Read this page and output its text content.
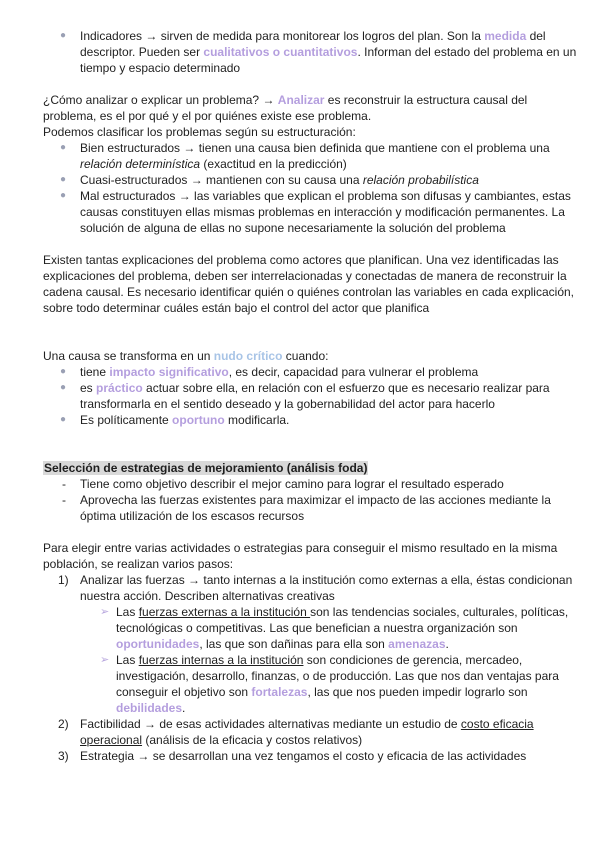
●	Indicadores → sirven de medida para monitorear los logros del plan. Son la medida del
descriptor. Pueden ser cualitativos o cuantitativos. Informan del estado del problema en un
tiempo y espacio determinado
¿Cómo analizar o explicar un problema? → Analizar es reconstruir la estructura causal del
problema, es el por qué y el por quiénes existe ese problema.
Podemos clasificar los problemas según su estructuración:
●	Bien estructurados → tienen una causa bien definida que mantiene con el problema una
relación determinística (exactitud en la predicción)
●	Cuasi-estructurados → mantienen con su causa una relación probabilística
●	Mal estructurados → las variables que explican el problema son difusas y cambiantes, estas
causas constituyen ellas mismas problemas en interacción y modificación permanentes. La
solución de alguna de ellas no supone necesariamente la solución del problema
Existen tantas explicaciones del problema como actores que planifican. Una vez identificadas las
explicaciones del problema, deben ser interrelacionadas y conectadas de manera de reconstruir la
cadena causal. Es necesario identificar quién o quiénes controlan las variables en cada explicación,
sobre todo determinar cuáles están bajo el control del actor que planifica
Una causa se transforma en un nudo crítico cuando:
●	tiene impacto significativo, es decir, capacidad para vulnerar el problema
●	es práctico actuar sobre ella, en relación con el esfuerzo que es necesario realizar para
transformarla en el sentido deseado y la gobernabilidad del actor para hacerlo
●	Es políticamente oportuno modificarla.
Selección de estrategias de mejoramiento (análisis foda)
-	Tiene como objetivo describir el mejor camino para lograr el resultado esperado
-	Aprovecha las fuerzas existentes para maximizar el impacto de las acciones mediante la
óptima utilización de los escasos recursos
Para elegir entre varias actividades o estrategias para conseguir el mismo resultado en la misma
población, se realizan varios pasos:
1) Analizar las fuerzas → tanto internas a la institución como externas a ella, éstas condicionan
nuestra acción. Describen alternativas creativas
➢ Las fuerzas externas a la institución son las tendencias sociales, culturales, políticas,
tecnológicas o competitivas. Las que benefician a nuestra organización son
oportunidades, las que son dañinas para ella son amenazas.
➢ Las fuerzas internas a la institución son condiciones de gerencia, mercadeo,
investigación, desarrollo, finanzas, o de producción. Las que nos dan ventajas para
conseguir el objetivo son fortalezas, las que nos pueden impedir lograrlo son
debilidades.
2) Factibilidad → de esas actividades alternativas mediante un estudio de costo eficacia
operacional (análisis de la eficacia y costos relativos)
3) Estrategia → se desarrollan una vez tengamos el costo y eficacia de las actividades
